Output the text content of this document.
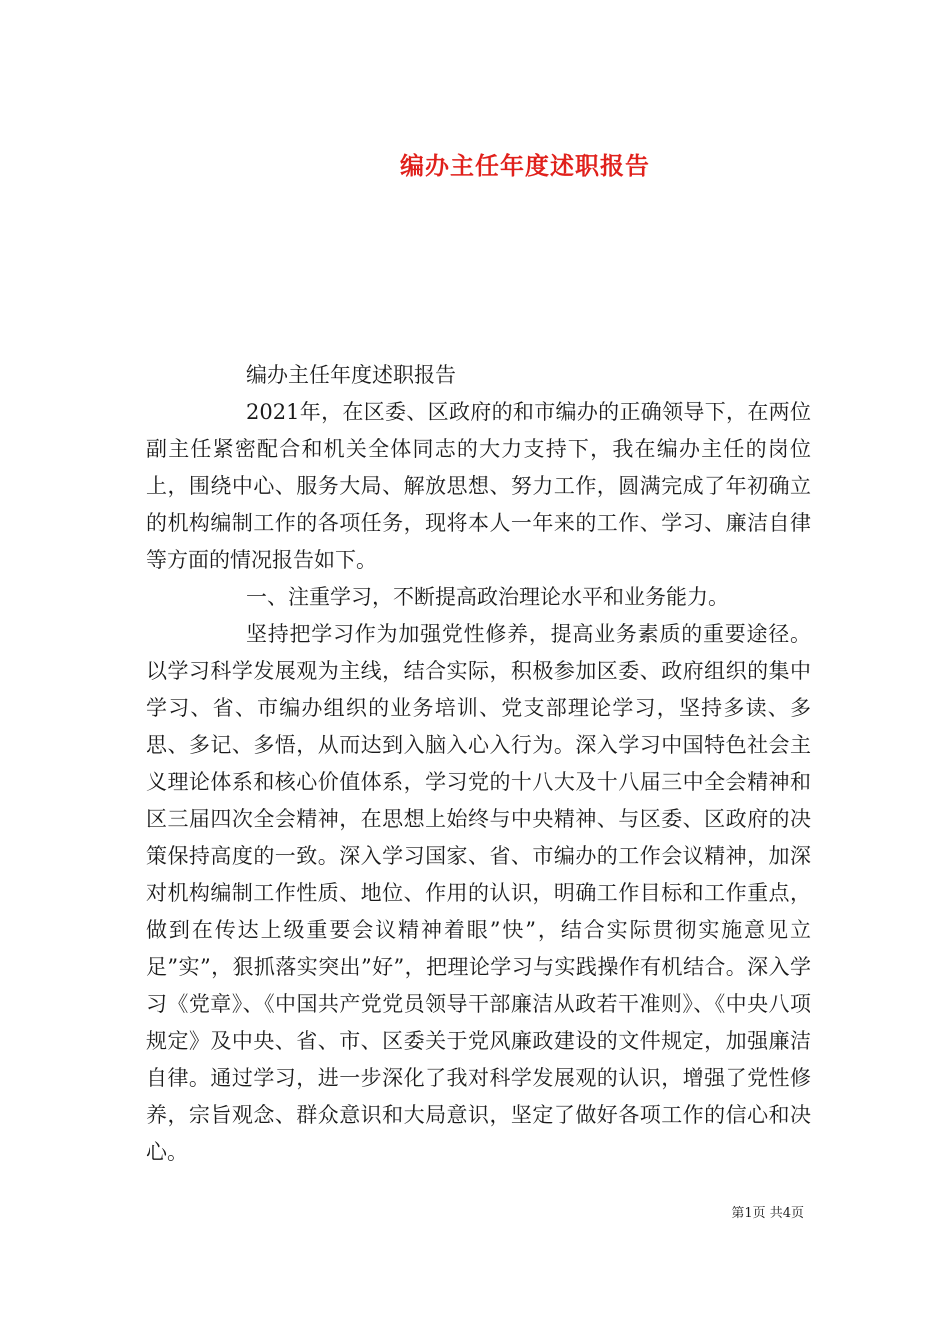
编办主任年度述职报告

编办主任年度述职报告

2021年，在区委、区政府的和市编办的正确领导下，在两位副主任紧密配合和机关全体同志的大力支持下，我在编办主任的岗位上，围绕中心、服务大局、解放思想、努力工作，圆满完成了年初确立的机构编制工作的各项任务，现将本人一年来的工作、学习、廉洁自律等方面的情况报告如下。

一、注重学习，不断提高政治理论水平和业务能力。

坚持把学习作为加强党性修养，提高业务素质的重要途径。以学习科学发展观为主线，结合实际，积极参加区委、政府组织的集中学习、省、市编办组织的业务培训、党支部理论学习，坚持多读、多思、多记、多悟，从而达到入脑入心入行为。深入学习中国特色社会主义理论体系和核心价值体系，学习党的十八大及十八届三中全会精神和区三届四次全会精神，在思想上始终与中央精神、与区委、区政府的决策保持高度的一致。深入学习国家、省、市编办的工作会议精神，加深对机构编制工作性质、地位、作用的认识，明确工作目标和工作重点，做到在传达上级重要会议精神着眼”快”，结合实际贯彻实施意见立足”实”，狠抓落实突出”好”，把理论学习与实践操作有机结合。深入学习《党章》、《中国共产党党员领导干部廉洁从政若干准则》、《中央八项规定》及中央、省、市、区委关于党风廉政建设的文件规定，加强廉洁自律。通过学习，进一步深化了我对科学发展观的认识，增强了党性修养，宗旨观念、群众意识和大局意识，坚定了做好各项工作的信心和决心。

第1页 共4页
